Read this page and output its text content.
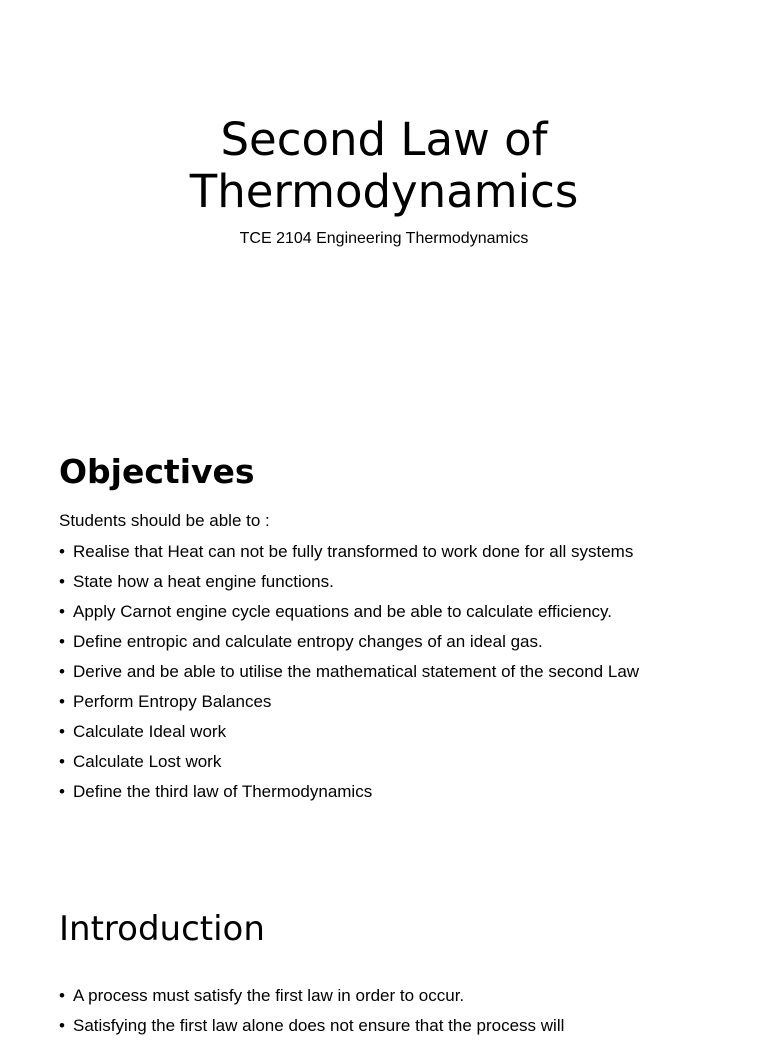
Second Law of
Thermodynamics

TCE 2104 Engineering Thermodynamics

Objectives

Students should be able to :

• Realise that Heat can not be fully transformed to work done for all systems
• State how a heat engine functions.
• Apply Carnot engine cycle equations and be able to calculate efficiency.
• Define entropic and calculate entropy changes of an ideal gas.
• Derive and be able to utilise the mathematical statement of the second Law
• Perform Entropy Balances
• Calculate Ideal work
• Calculate Lost work
• Define the third law of Thermodynamics
Introduction
• A process must satisfy the first law in order to occur.
• Satisfying the first law alone does not ensure that the process will
